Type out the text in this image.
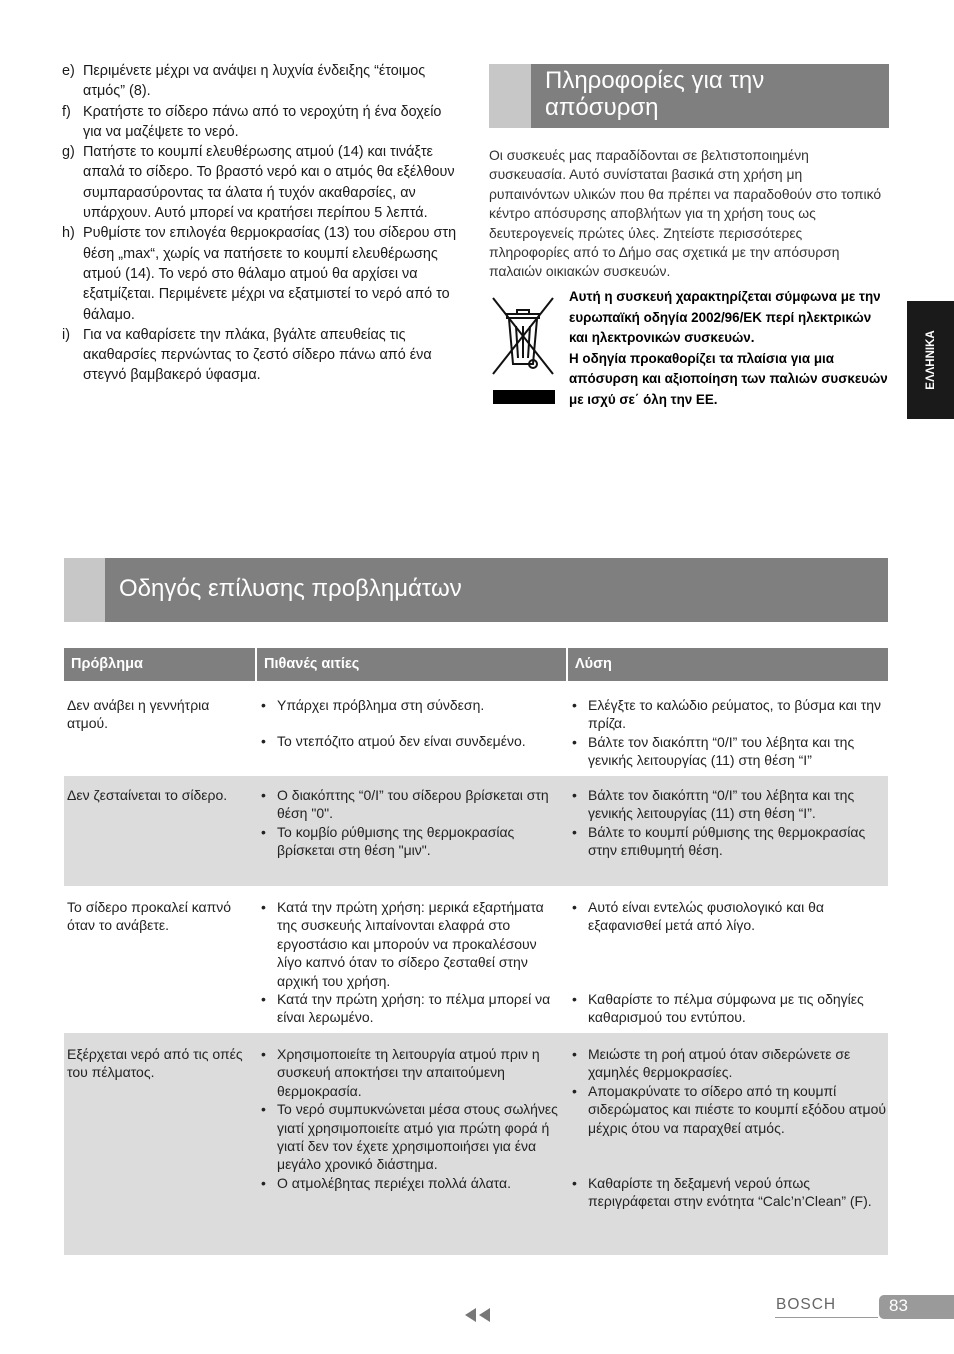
e) Περιμένετε μέχρι να ανάψει η λυχνία ένδειξης “έτοιμος ατμός” (8).
f) Κρατήστε το σίδερο πάνω από το νεροχύτη ή ένα δοχείο για να μαζέψετε το νερό.
g) Πατήστε το κουμπί ελευθέρωσης ατμού (14) και τινάξτε απαλά το σίδερο. Το βραστό νερό και ο ατμός θα εξέλθουν συμπαρασύροντας τα άλατα ή τυχόν ακαθαρσίες, αν υπάρχουν. Αυτό μπορεί να κρατήσει περίπου 5 λεπτά.
h) Ρυθμίστε τον επιλογέα θερμοκρασίας (13) του σίδερου στη θέση „max“, χωρίς να πατήσετε το κουμπί ελευθέρωσης ατμού (14). Το νερό στο θάλαμο ατμού θα αρχίσει να εξατμίζεται. Περιμένετε μέχρι να εξατμιστεί το νερό από το θάλαμο.
i) Για να καθαρίσετε την πλάκα, βγάλτε απευθείας τις ακαθαρσίες περνώντας το ζεστό σίδερο πάνω από ένα στεγνό βαμβακερό ύφασμα.
Πληροφορίες για την
απόσυρση
Οι συσκευές μας παραδίδονται σε βελτιστοποιημένη συσκευασία. Αυτό συνίσταται βασικά στη χρήση μη ρυπαινόντων υλικών που θα πρέπει να παραδοθούν στο τοπικό κέντρο απόσυρσης αποβλήτων για τη χρήση τους ως δευτερογενείς πρώτες ύλες. Ζητείστε περισσότερες πληροφορίες από το Δήμο σας σχετικά με την απόσυρση παλαιών οικιακών συσκευών.

Αυτή η συσκευή χαρακτηρίζεται σύμφωνα με την ευρωπαϊκή οδηγία 2002/96/ΕΚ περί ηλεκτρικών και ηλεκτρονικών συσκευών.

Η οδηγία προκαθορίζει τα πλαίσια για μια απόσυρση και αξιοποίηση των παλιών συσκευών με ισχύ σε΄ όλη την ΕΕ.

ΕΛΛΗΝΙΚΑ
Οδηγός επίλυσης προβλημάτων
Πρόβλημα	Πιθανές αιτίες	Λύση
Δεν ανάβει η γεννήτρια ατμού.
• Υπάρχει πρόβλημα στη σύνδεση.
• Το ντεπόζιτο ατμού δεν είναι συνδεμένο.
• Ελέγξτε το καλώδιο ρεύματος, το βύσμα και την πρίζα.
• Βάλτε τον διακόπτη “0/I” του λέβητα και της γενικής λειτουργίας (11) στη θέση “I”
Δεν ζεσταίνεται το σίδερο.
•	Ο διακόπτης “0/I” του σίδερου βρίσκεται στη θέση "0".
• Το κομβίο ρύθμισης της θερμοκρασίας βρίσκεται στη θέση "μιν".
• Βάλτε τον διακόπτη “0/I” του λέβητα και της γενικής λειτουργίας (11) στη θέση “I”.
• Βάλτε το κουμπί ρύθμισης της θερμοκρασίας στην επιθυμητή θέση.
Το σίδερο προκαλεί καπνό όταν το ανάβετε.
• Κατά την πρώτη χρήση: μερικά εξαρτήματα της συσκευής λιπαίνονται ελαφρά στο εργοστάσιο και μπορούν να προκαλέσουν λίγο καπνό όταν το σίδερο ζεσταθεί στην αρχική του χρήση.
• Κατά την πρώτη χρήση: το πέλμα μπορεί να είναι λερωμένο.
• Αυτό είναι εντελώς φυσιολογικό και θα εξαφανισθεί μετά από λίγο.
• Καθαρίστε το πέλμα σύμφωνα με τις οδηγίες καθαρισμού του εντύπου.
Εξέρχεται νερό από τις οπές του πέλματος.
• Χρησιμοποιείτε τη λειτουργία ατμού πριν η συσκευή αποκτήσει την απαιτούμενη θερμοκρασία.
• Το νερό συμπυκνώνεται μέσα στους σωλήνες γιατί χρησιμοποιείτε ατμό για πρώτη φορά ή γιατί δεν τον έχετε χρησιμοποιήσει για ένα μεγάλο χρονικό διάστημα.
• Ο ατμολέβητας περιέχει πολλά άλατα.
• Μειώστε τη ροή ατμού όταν σιδερώνετε σε χαμηλές θερμοκρασίες.
• Απομακρύνατε το σίδερο από τη κουμπί σιδερώματος και πιέστε το κουμπί εξόδου ατμού μέχρις ότου να παραχθεί ατμός.
• Καθαρίστε τη δεξαμενή νερού όπως περιγράφεται στην ενότητα “Calc’n’Clean” (F).
BOSCH	83
